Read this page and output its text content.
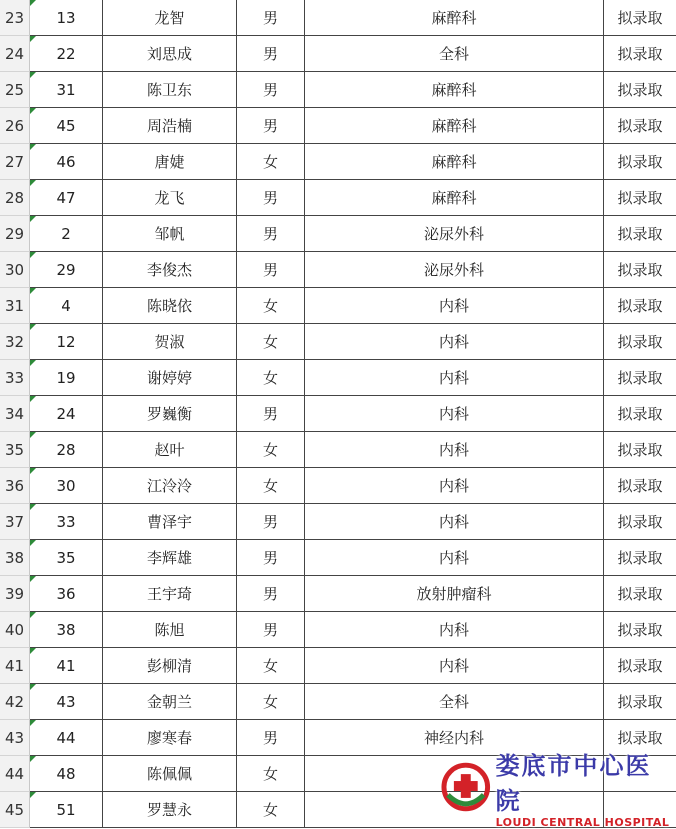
23	13	龙智	男	麻醉科	拟录取
24	22	刘思成	男	全科	拟录取
25	31	陈卫东	男	麻醉科	拟录取
26	45	周浩楠	男	麻醉科	拟录取
27	46	唐婕	女	麻醉科	拟录取
28	47	龙飞	男	麻醉科	拟录取
29	2	邹帆	男	泌尿外科	拟录取
30	29	李俊杰	男	泌尿外科	拟录取
31	4	陈晓依	女	内科	拟录取
32	12	贺淑	女	内科	拟录取
33	19	谢婷婷	女	内科	拟录取
34	24	罗巍衡	男	内科	拟录取
35	28	赵叶	女	内科	拟录取
36	30	江泠泠	女	内科	拟录取
37	33	曹泽宇	男	内科	拟录取
38	35	李辉雄	男	内科	拟录取
39	36	王宇琦	男	放射肿瘤科	拟录取
40	38	陈旭	男	内科	拟录取
41	41	彭柳清	女	内科	拟录取
42	43	金朝兰	女	全科	拟录取
43	44	廖寒春	男	神经内科	拟录取
44	48	陈佩佩	女
45	51	罗慧永	女
娄底市中心医院
LOUDI CENTRAL HOSPITAL
